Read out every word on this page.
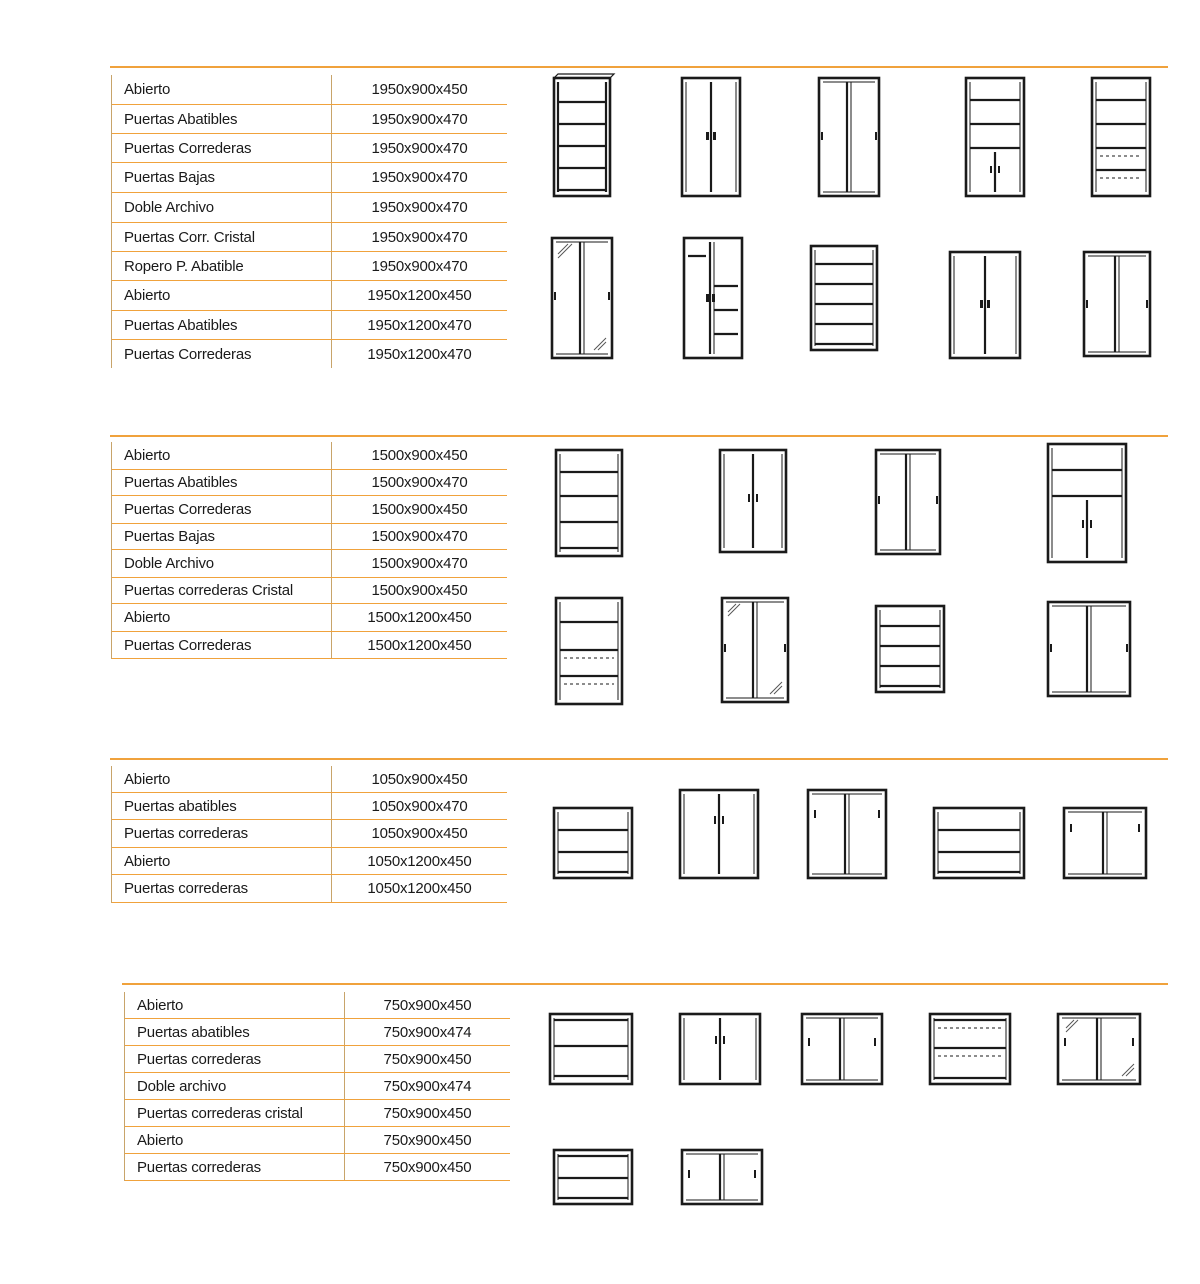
Abierto	1950x900x450
Puertas Abatibles	1950x900x470
Puertas Correderas	1950x900x470
Puertas Bajas	1950x900x470
Doble Archivo	1950x900x470
Puertas Corr. Cristal	1950x900x470
Ropero P. Abatible	1950x900x470
Abierto	1950x1200x450
Puertas Abatibles	1950x1200x470
Puertas Correderas	1950x1200x470
Abierto	1500x900x450
Puertas Abatibles	1500x900x470
Puertas Correderas	1500x900x450
Puertas Bajas	1500x900x470
Doble Archivo	1500x900x470
Puertas correderas Cristal	1500x900x450
Abierto	1500x1200x450
Puertas Correderas	1500x1200x450
Abierto	1050x900x450
Puertas abatibles	1050x900x470
Puertas correderas	1050x900x450
Abierto	1050x1200x450
Puertas correderas	1050x1200x450
Abierto	750x900x450
Puertas abatibles	750x900x474
Puertas correderas	750x900x450
Doble archivo	750x900x474
Puertas correderas cristal	750x900x450
Abierto	750x900x450
Puertas correderas	750x900x450
